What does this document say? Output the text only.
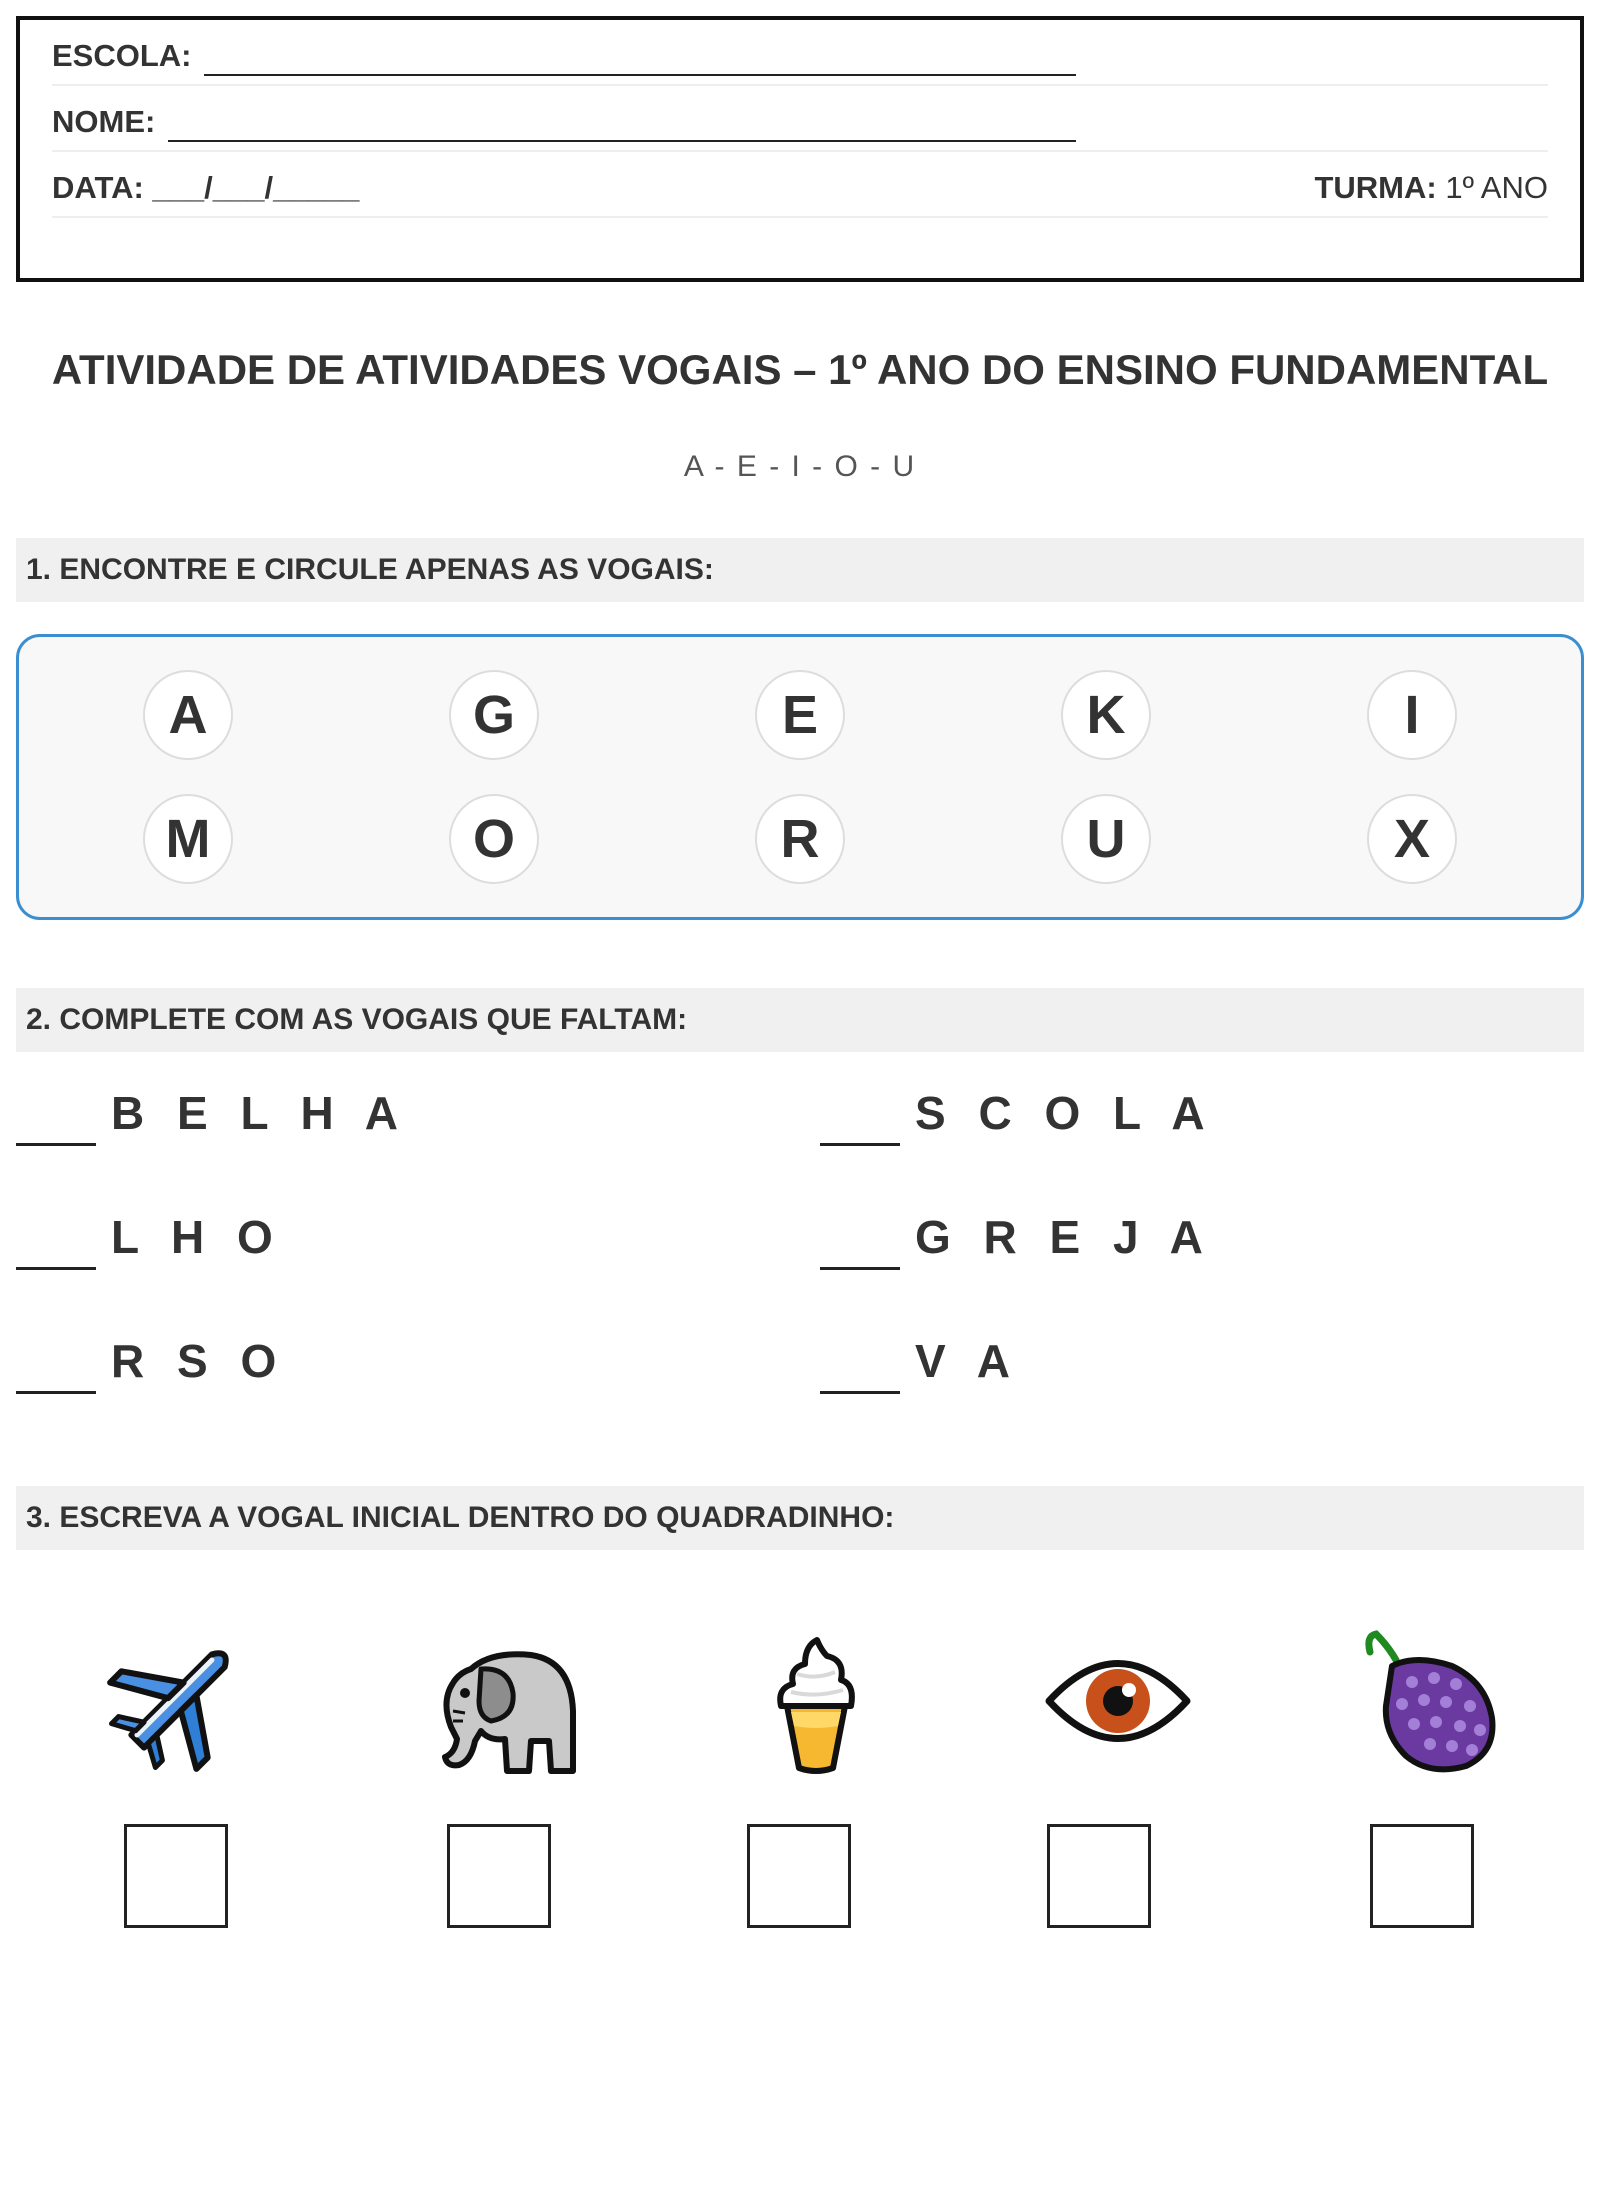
ESCOLA:
NOME:
DATA: ___/___/_____	TURMA: 1º ANO
ATIVIDADE DE ATIVIDADES VOGAIS – 1º ANO DO ENSINO FUNDAMENTAL
A - E - I - O - U
1. ENCONTRE E CIRCULE APENAS AS VOGAIS:
A	G	E	K	I
M	O	R	U	X
2. COMPLETE COM AS VOGAIS QUE FALTAM:
B E L H A	S C O L A
L H O	G R E J A
R S O	V A
3. ESCREVA A VOGAL INICIAL DENTRO DO QUADRADINHO:
